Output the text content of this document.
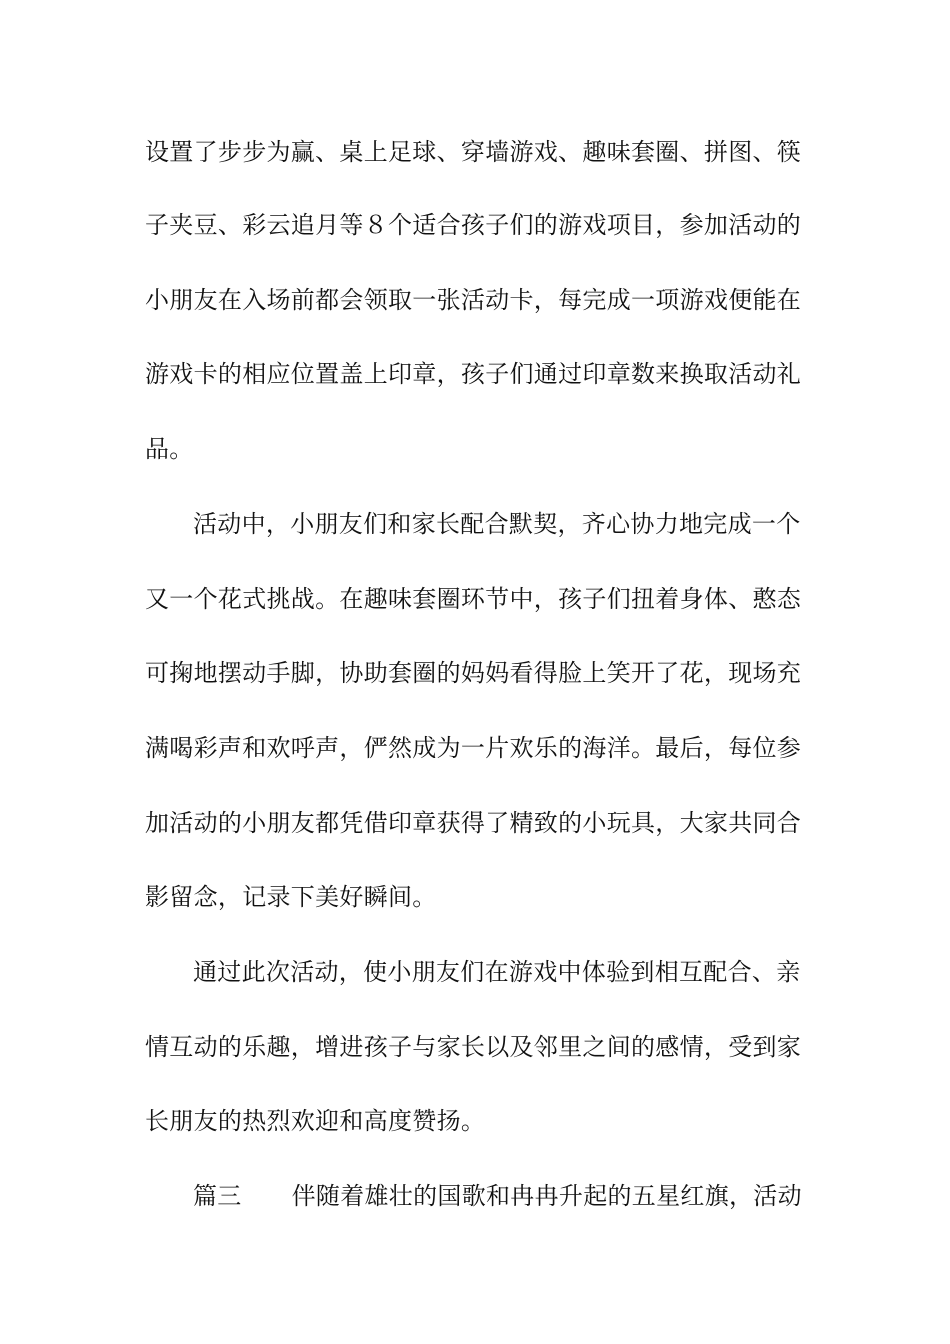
设置了步步为赢、桌上足球、穿墙游戏、趣味套圈、拼图、筷
子夹豆、彩云追月等８个适合孩子们的游戏项目，参加活动的
小朋友在入场前都会领取一张活动卡，每完成一项游戏便能在
游戏卡的相应位置盖上印章，孩子们通过印章数来换取活动礼
品。
活动中，小朋友们和家长配合默契，齐心协力地完成一个
又一个花式挑战。在趣味套圈环节中，孩子们扭着身体、憨态
可掬地摆动手脚，协助套圈的妈妈看得脸上笑开了花，现场充
满喝彩声和欢呼声，俨然成为一片欢乐的海洋。最后，每位参
加活动的小朋友都凭借印章获得了精致的小玩具，大家共同合
影留念，记录下美好瞬间。
通过此次活动，使小朋友们在游戏中体验到相互配合、亲
情互动的乐趣，增进孩子与家长以及邻里之间的感情，受到家
长朋友的热烈欢迎和高度赞扬。
篇三 伴随着雄壮的国歌和冉冉升起的五星红旗，活动
